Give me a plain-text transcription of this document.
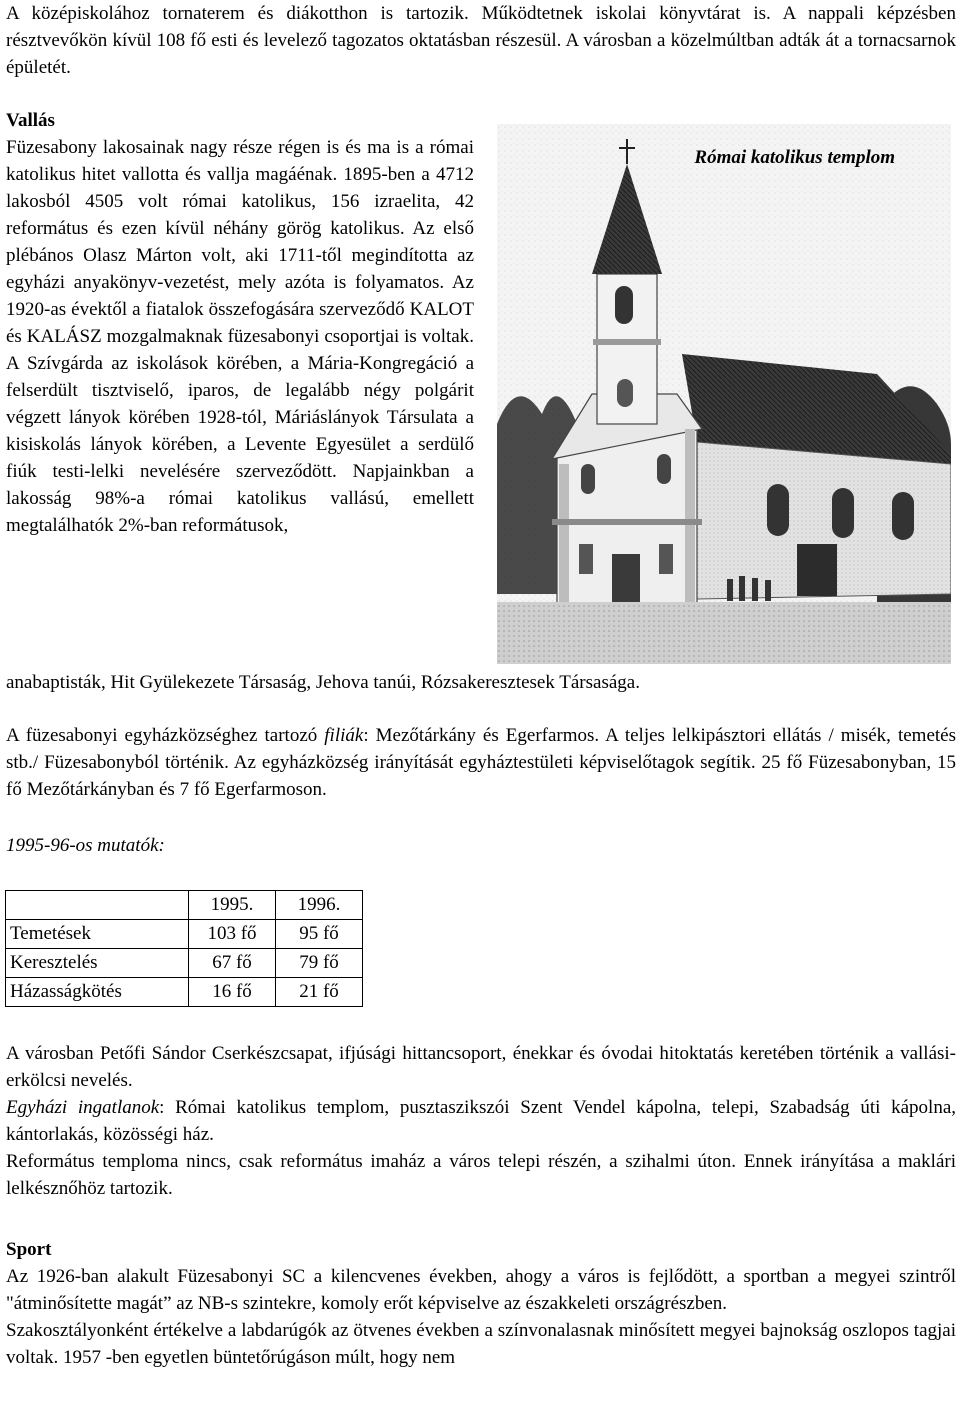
A középiskolához tornaterem és diákotthon is tartozik. Működtetnek iskolai könyvtárat is. A nappali képzésben résztvevőkön kívül 108 fő esti és levelező tagozatos oktatásban részesül. A városban a közelmúltban adták át a tornacsarnok épületét.

Vallás

Füzesabony lakosainak nagy része régen is és ma is a római katolikus hitet vallotta és vallja magáénak. 1895-ben a 4712 lakosból 4505 volt római katolikus, 156 izraelita, 42 református és ezen kívül néhány görög katolikus. Az első plébános Olasz Márton volt, aki 1711-től megindította az egyházi anyakönyv-vezetést, mely azóta is folyamatos. Az 1920-as évektől a fiatalok összefogására szerveződő KALOT és KALÁSZ mozgalmaknak füzesabonyi csoportjai is voltak. A Szívgárda az iskolások körében, a Mária-Kongregáció a felserdült tisztviselő, iparos, de legalább négy polgárit végzett lányok körében 1928-tól, Máriáslányok Társulata a kisiskolás lányok körében, a Levente Egyesület a serdülő fiúk testi-lelki nevelésére szerveződött. Napjainkban a lakosság 98%-a római katolikus vallású, emellett megtalálhatók 2%-ban reformátusok,

anabaptisták, Hit Gyülekezete Társaság, Jehova tanúi, Rózsakeresztesek Társasága.

Római katolikus templom

A füzesabonyi egyházközséghez tartozó filiák: Mezőtárkány és Egerfarmos. A teljes lelkipásztori ellátás / misék, temetés stb./ Füzesabonyból történik. Az egyházközség irányítását egyháztestületi képviselőtagok segítik. 25 fő Füzesabonyban, 15 fő Mezőtárkányban és 7 fő Egerfarmoson.

1995-96-os mutatók:

	1995.	1996.
Temetések	103 fő	95 fő
Keresztelés	67 fő	79 fő
Házasságkötés	16 fő	21 fő

A városban Petőfi Sándor Cserkészcsapat, ifjúsági hittancsoport, énekkar és óvodai hitoktatás keretében történik a vallási-erkölcsi nevelés.

Egyházi ingatlanok: Római katolikus templom, pusztaszikszói Szent Vendel kápolna, telepi, Szabadság úti kápolna, kántorlakás, közösségi ház.

Református temploma nincs, csak református imaház a város telepi részén, a szihalmi úton. Ennek irányítása a maklári lelkésznőhöz tartozik.

Sport

Az 1926-ban alakult Füzesabonyi SC a kilencvenes években, ahogy a város is fejlődött, a sportban a megyei szintről "átminősítette magát” az NB-s szintekre, komoly erőt képviselve az északkeleti országrészben.

Szakosztályonként értékelve a labdarúgók az ötvenes években a színvonalasnak minősített megyei bajnokság oszlopos tagjai voltak. 1957 -ben egyetlen büntetőrúgáson múlt, hogy nem
